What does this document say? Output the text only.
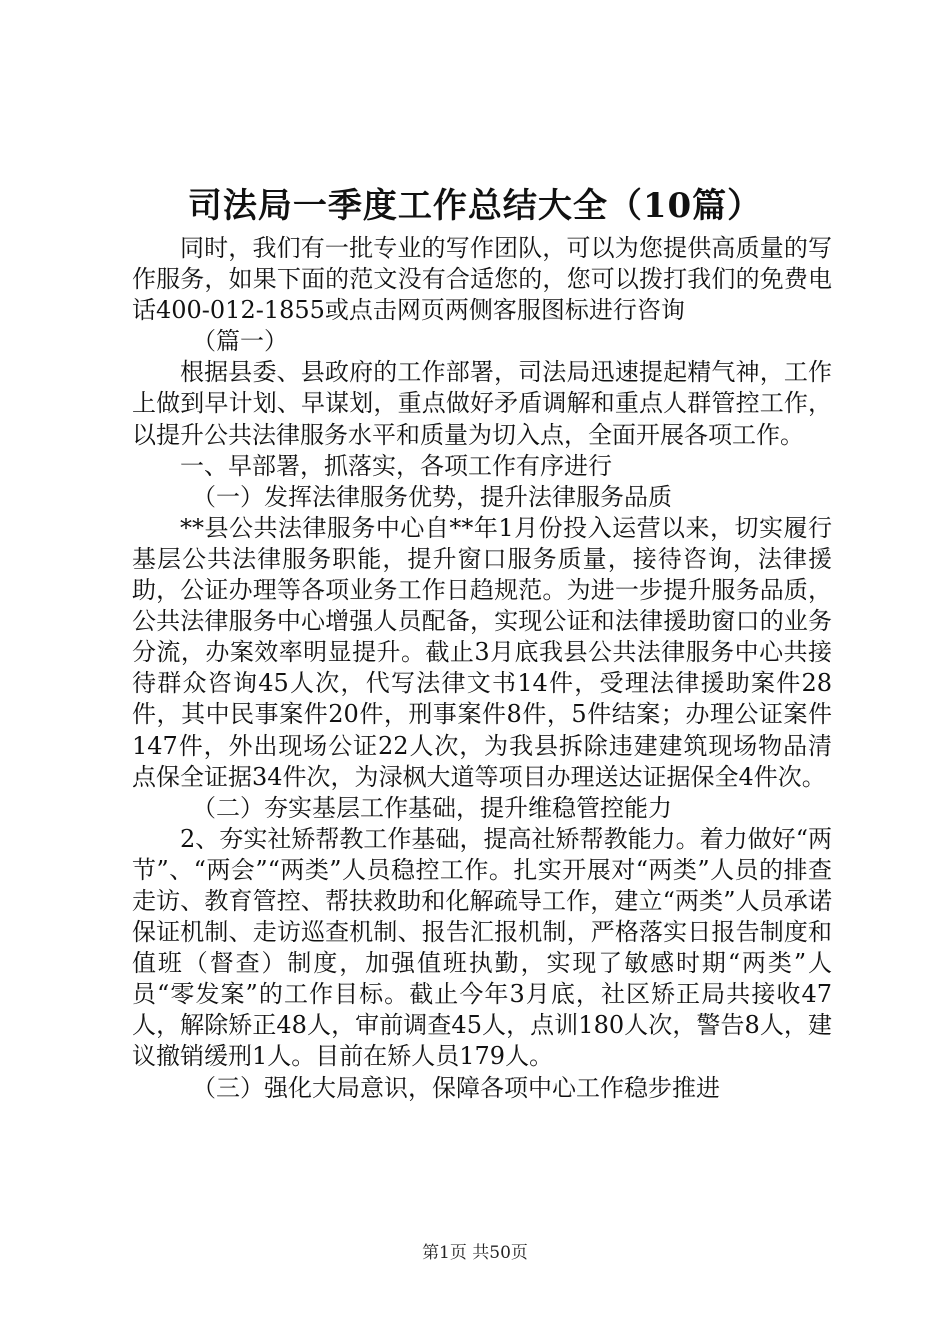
司法局一季度工作总结大全（10篇）

同时，我们有一批专业的写作团队，可以为您提供高质量的写作服务，如果下面的范文没有合适您的，您可以拨打我们的免费电话400-012-1855或点击网页两侧客服图标进行咨询

（篇一）

根据县委、县政府的工作部署，司法局迅速提起精气神，工作上做到早计划、早谋划，重点做好矛盾调解和重点人群管控工作，以提升公共法律服务水平和质量为切入点，全面开展各项工作。

一、早部署，抓落实，各项工作有序进行

（一）发挥法律服务优势，提升法律服务品质

**县公共法律服务中心自**年1月份投入运营以来，切实履行基层公共法律服务职能，提升窗口服务质量，接待咨询，法律援助，公证办理等各项业务工作日趋规范。为进一步提升服务品质，公共法律服务中心增强人员配备，实现公证和法律援助窗口的业务分流，办案效率明显提升。截止3月底我县公共法律服务中心共接待群众咨询45人次，代写法律文书14件，受理法律援助案件28件，其中民事案件20件，刑事案件8件，5件结案；办理公证案件147件，外出现场公证22人次，为我县拆除违建建筑现场物品清点保全证据34件次，为渌枫大道等项目办理送达证据保全4件次。

（二）夯实基层工作基础，提升维稳管控能力

2、夯实社矫帮教工作基础，提高社矫帮教能力。着力做好“两节”、“两会”“两类”人员稳控工作。扎实开展对“两类”人员的排查走访、教育管控、帮扶救助和化解疏导工作，建立“两类”人员承诺保证机制、走访巡查机制、报告汇报机制，严格落实日报告制度和值班（督查）制度，加强值班执勤，实现了敏感时期“两类”人员“零发案”的工作目标。截止今年3月底，社区矫正局共接收47人，解除矫正48人，审前调查45人，点训180人次，警告8人，建议撤销缓刑1人。目前在矫人员179人。

（三）强化大局意识，保障各项中心工作稳步推进

第1页 共50页
